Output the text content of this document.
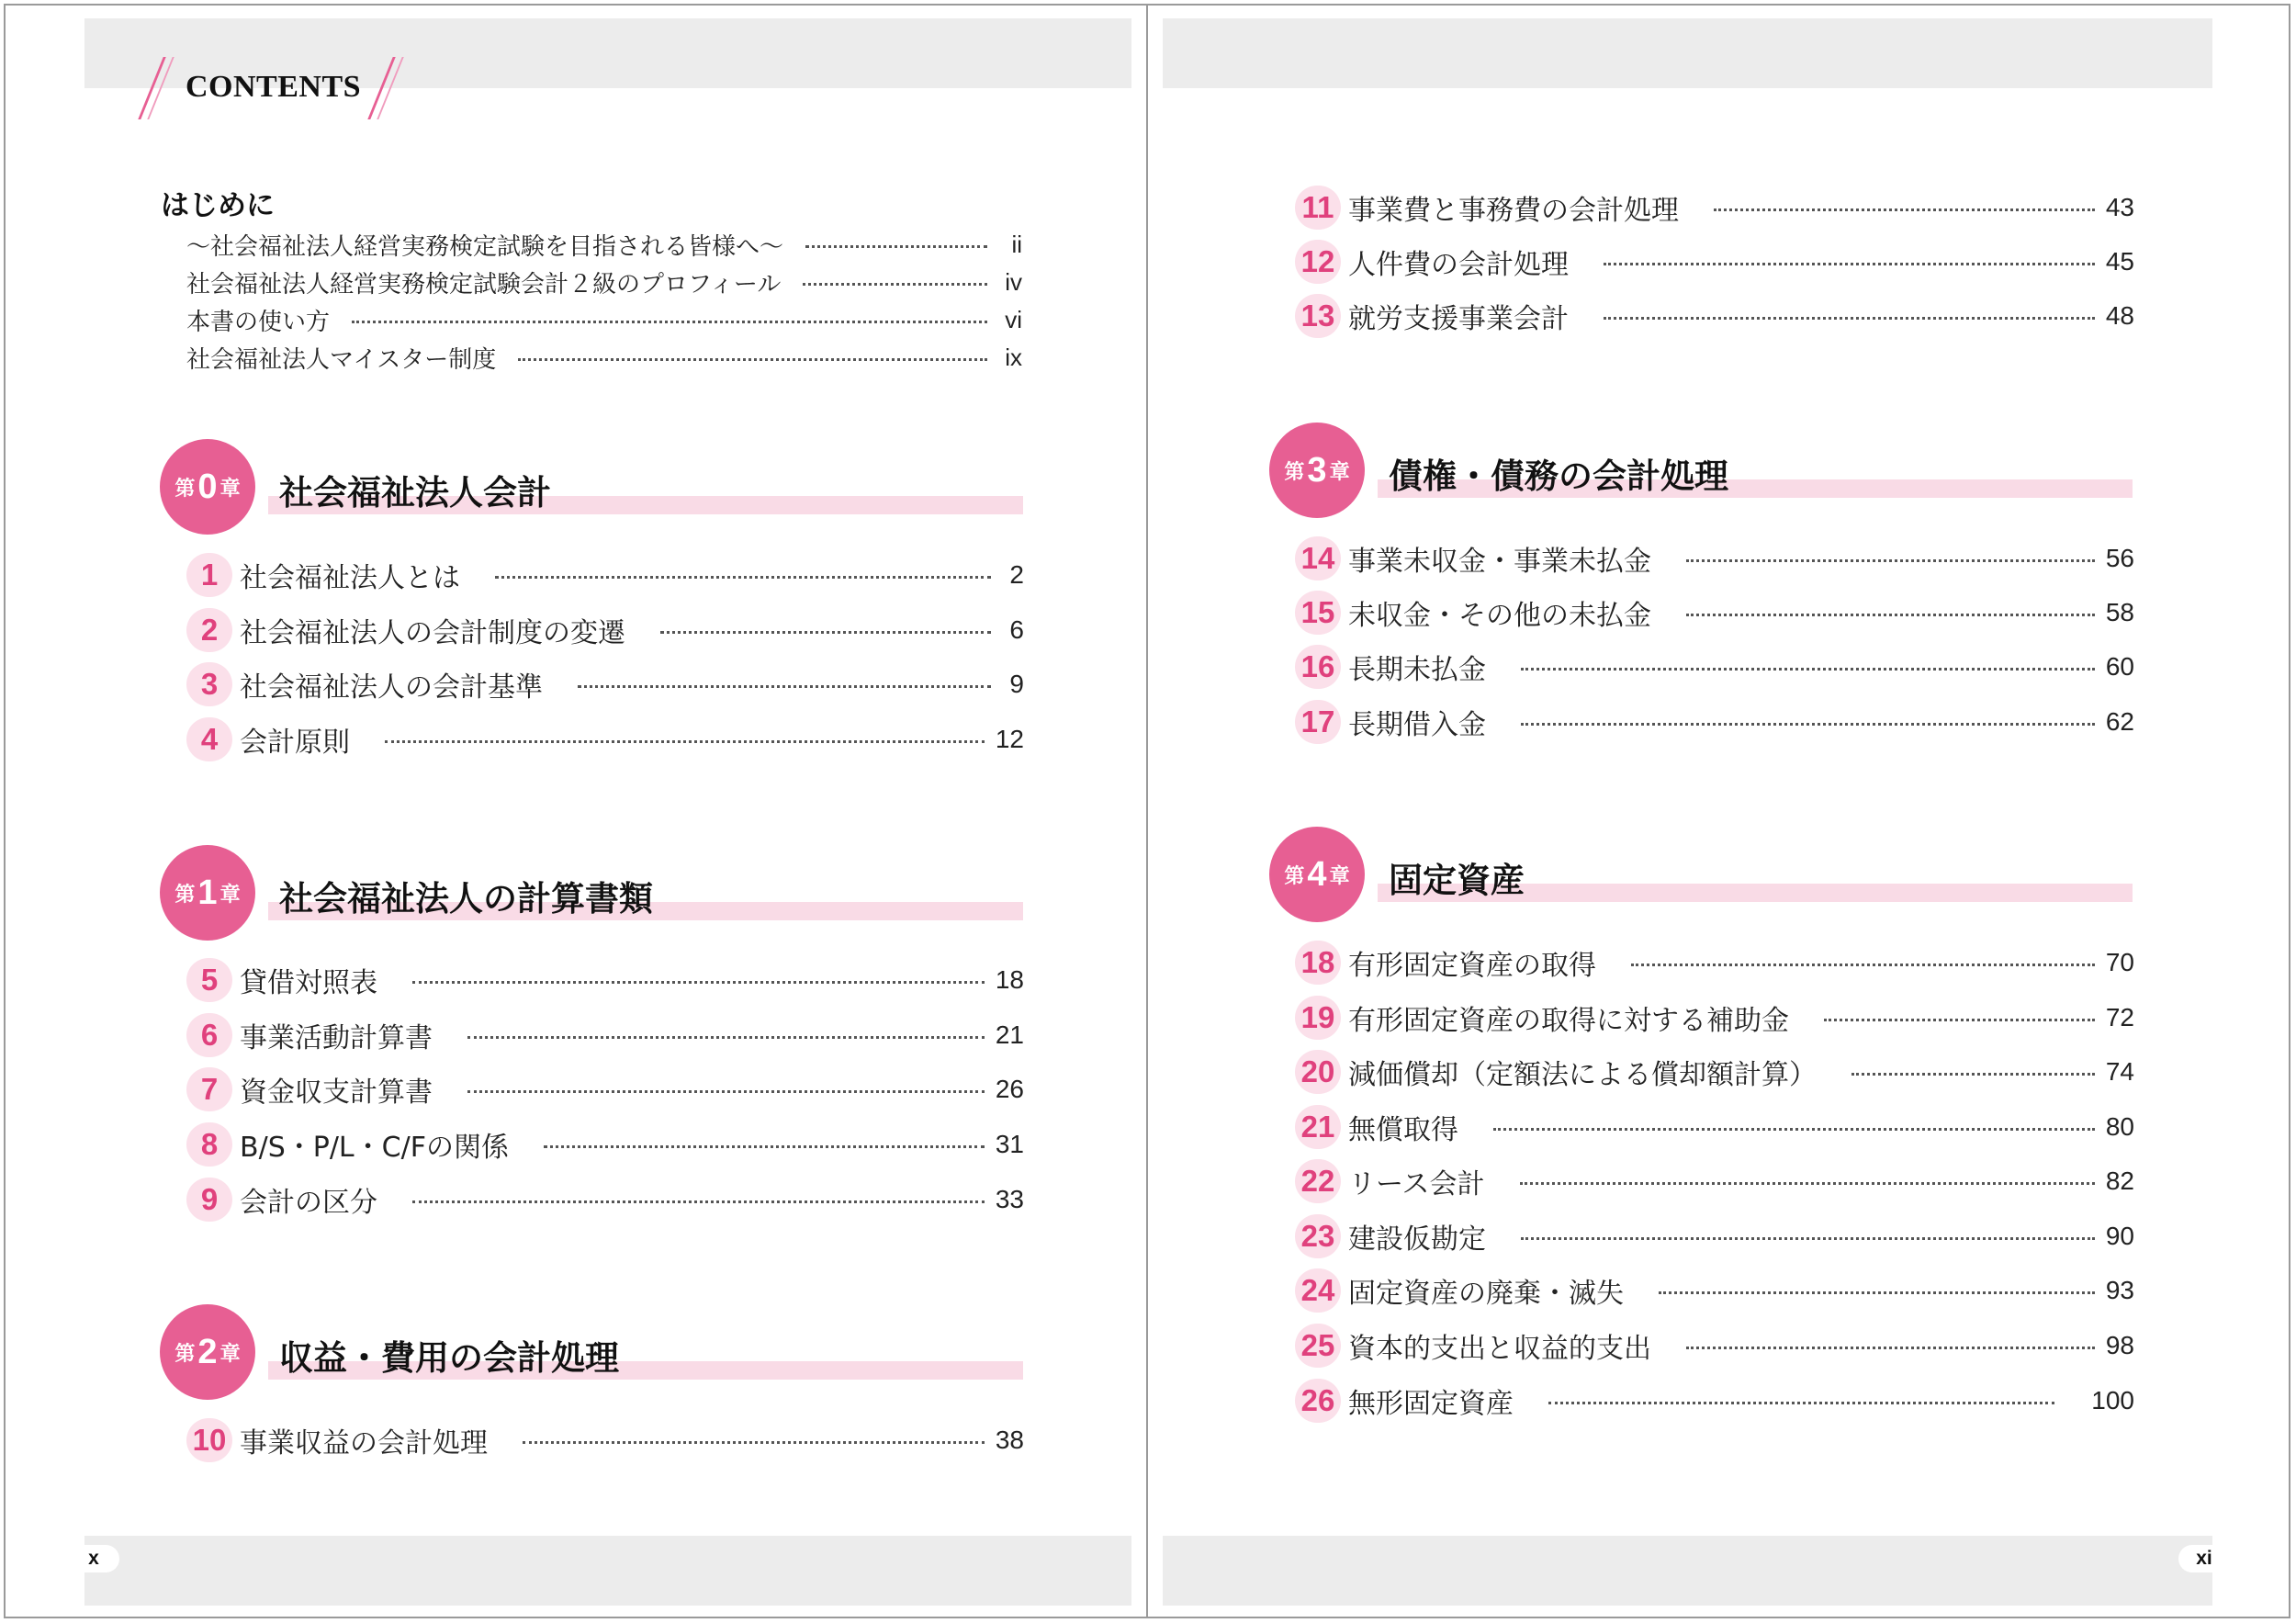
x	xi
CONTENTS
はじめに
～社会福祉法人経営実務検定試験を目指される皆様へ～	ii
社会福祉法人経営実務検定試験会計２級のプロフィール	iv
本書の使い方	vi
社会福祉法人マイスター制度	ix
第 0 章 社会福祉法人会計
1 社会福祉法人とは	2
2 社会福祉法人の会計制度の変遷	6
3 社会福祉法人の会計基準	9
4 会計原則	12
第 1 章 社会福祉法人の計算書類
5 貸借対照表	18
6 事業活動計算書	21
7 資金収支計算書	26
8 B/S・P/L・C/Fの関係	31
9 会計の区分	33
第 2 章 収益・費用の会計処理
10 事業収益の会計処理	38
11 事業費と事務費の会計処理	43
12 人件費の会計処理	45
13 就労支援事業会計	48
第 3 章 債権・債務の会計処理
14 事業未収金・事業未払金	56
15 未収金・その他の未払金	58
16 長期未払金	60
17 長期借入金	62
第 4 章 固定資産
18 有形固定資産の取得	70
19 有形固定資産の取得に対する補助金	72
20 減価償却（定額法による償却額計算）	74
21 無償取得	80
22 リース会計	82
23 建設仮勘定	90
24 固定資産の廃棄・滅失	93
25 資本的支出と収益的支出	98
26 無形固定資産	100
